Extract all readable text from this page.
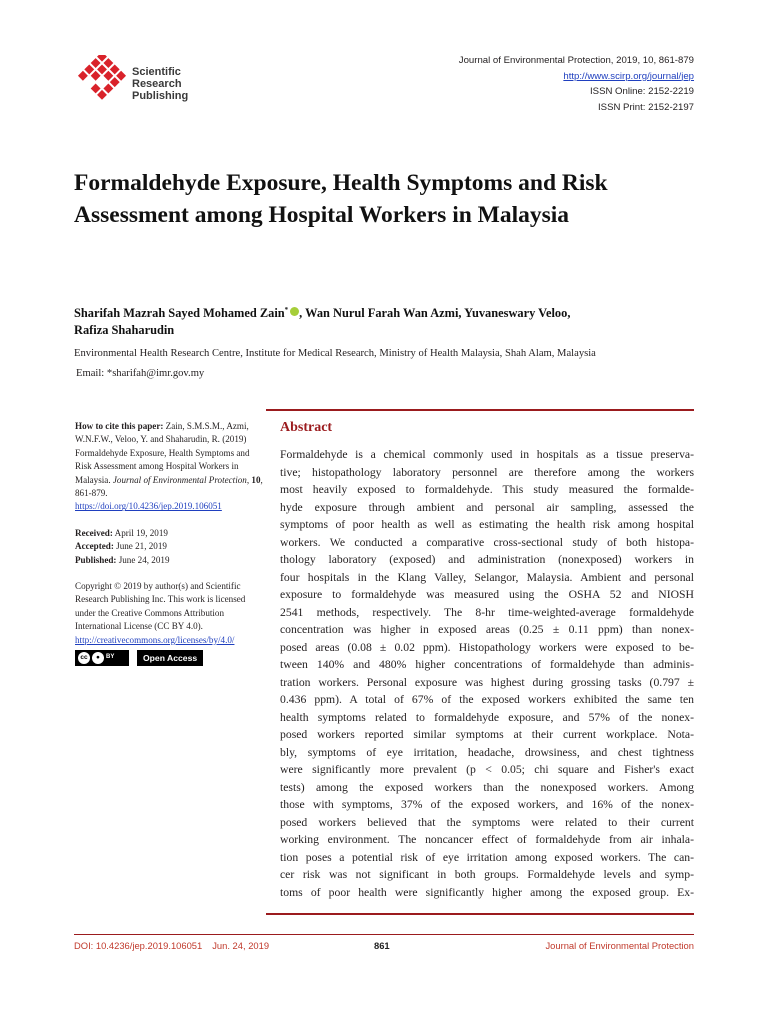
Scientific
Research
Publishing
Journal of Environmental Protection, 2019, 10, 861-879
http://www.scirp.org/journal/jep
ISSN Online: 2152-2219
ISSN Print: 2152-2197
Formaldehyde Exposure, Health Symptoms and Risk Assessment among Hospital Workers in Malaysia
Sharifah Mazrah Sayed Mohamed Zain* , Wan Nurul Farah Wan Azmi, Yuvaneswary Veloo,
Rafiza Shaharudin
Environmental Health Research Centre, Institute for Medical Research, Ministry of Health Malaysia, Shah Alam, Malaysia
Email: *sharifah@imr.gov.my
How to cite this paper: Zain, S.M.S.M., Azmi, W.N.F.W., Veloo, Y. and Shaharudin, R. (2019) Formaldehyde Exposure, Health Symptoms and Risk Assessment among Hospital Workers in Malaysia. Journal of Environmental Protection, 10, 861-879.
https://doi.org/10.4236/jep.2019.106051
Received: April 19, 2019
Accepted: June 21, 2019
Published: June 24, 2019
Copyright © 2019 by author(s) and Scientific Research Publishing Inc. This work is licensed under the Creative Commons Attribution International License (CC BY 4.0).
http://creativecommons.org/licenses/by/4.0/
cc	●	BY	Open Access
Abstract
Formaldehyde is a chemical commonly used in hospitals as a tissue preserva-
tive; histopathology laboratory personnel are therefore among the workers
most heavily exposed to formaldehyde. This study measured the formalde-
hyde exposure through ambient and personal air sampling, assessed the
symptoms of poor health as well as estimating the health risk among hospital
workers. We conducted a comparative cross-sectional study of both histopa-
thology laboratory (exposed) and administration (nonexposed) workers in
four hospitals in the Klang Valley, Selangor, Malaysia. Ambient and personal
exposure to formaldehyde was measured using the OSHA 52 and NIOSH
2541 methods, respectively. The 8-hr time-weighted-average formaldehyde
concentration was higher in exposed areas (0.25 ± 0.11 ppm) than nonex-
posed areas (0.08 ± 0.02 ppm). Histopathology workers were exposed to be-
tween 140% and 480% higher concentrations of formaldehyde than adminis-
tration workers. Personal exposure was highest during grossing tasks (0.797 ±
0.436 ppm). A total of 67% of the exposed workers exhibited the same ten
health symptoms related to formaldehyde exposure, and 57% of the nonex-
posed workers reported similar symptoms at their current workplace. Nota-
bly, symptoms of eye irritation, headache, drowsiness, and chest tightness
were significantly more prevalent (p < 0.05; chi square and Fisher's exact
tests) among the exposed workers than the nonexposed workers. Among
those with symptoms, 37% of the exposed workers, and 16% of the nonex-
posed workers believed that the symptoms were related to their current
working environment. The noncancer effect of formaldehyde from air inhala-
tion poses a potential risk of eye irritation among exposed workers. The can-
cer risk was not significant in both groups. Formaldehyde levels and symp-
toms of poor health were significantly higher among the exposed group. Ex-
DOI: 10.4236/jep.2019.106051 Jun. 24, 2019	861	Journal of Environmental Protection
